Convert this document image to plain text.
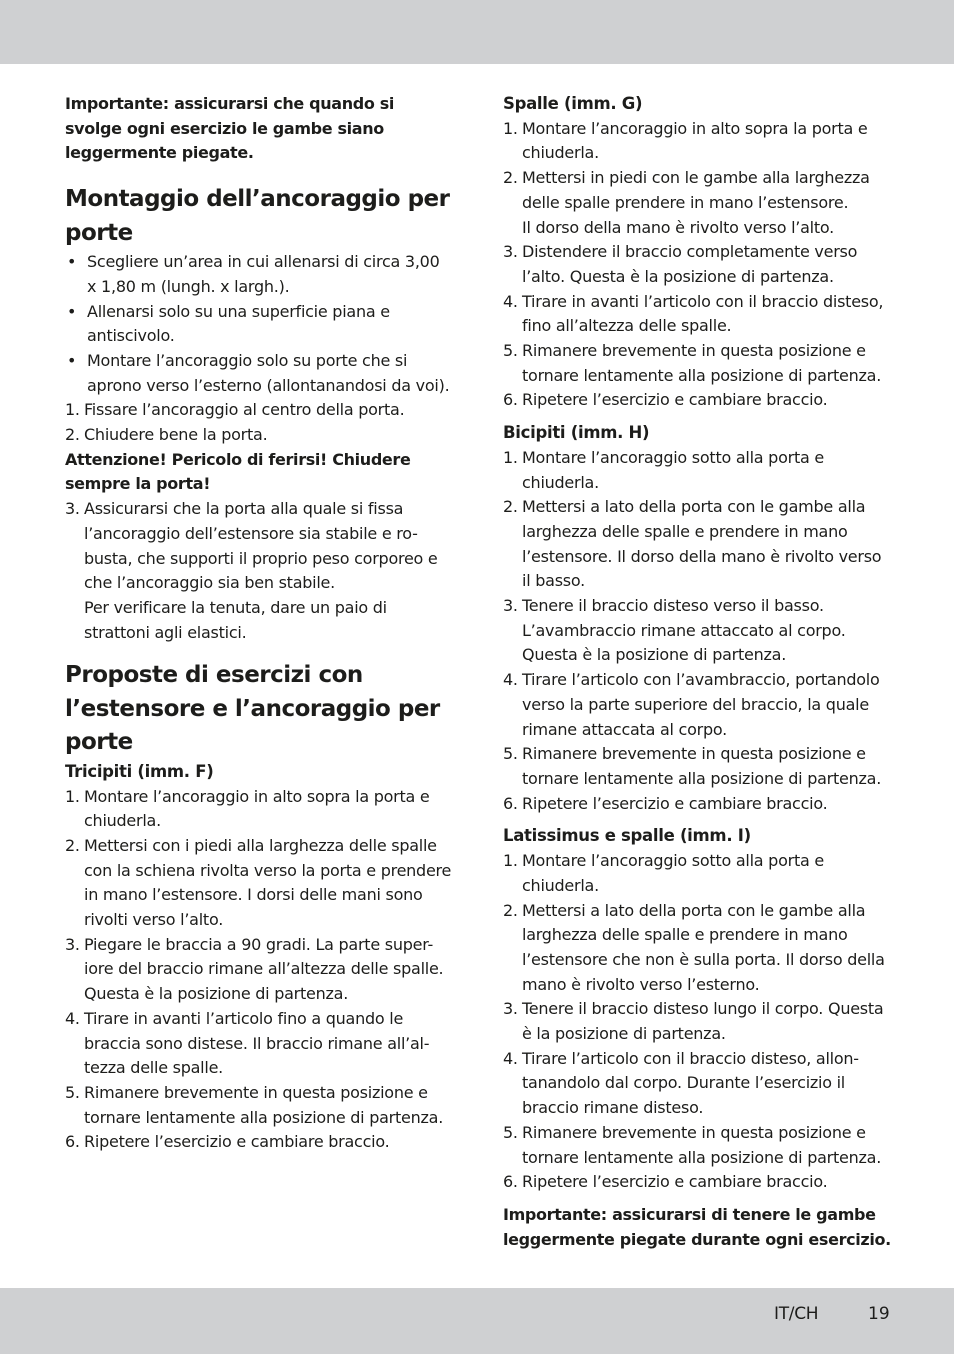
Importante: assicurarsi che quando si svolge ogni esercizio le gambe siano leggermente piegate.

Montaggio dell’ancoraggio per porte
• Scegliere un’area in cui allenarsi di circa 3,00 x 1,80 m (lungh. x largh.).
• Allenarsi solo su una superficie piana e antiscivolo.
• Montare l’ancoraggio solo su porte che si aprono verso l’esterno (allontanandosi da voi).
1. Fissare l’ancoraggio al centro della porta.
2. Chiudere bene la porta.

Attenzione! Pericolo di ferirsi! Chiudere sempre la porta!

3. Assicurarsi che la porta alla quale si fissa l’ancoraggio dell’estensore sia stabile e ro-busta, che supporti il proprio peso corporeo e che l’ancoraggio sia ben stabile.
Per verificare la tenuta, dare un paio di strattoni agli elastici.
Proposte di esercizi con l’estensore e l’ancoraggio per porte
Tricipiti (imm. F)
1. Montare l’ancoraggio in alto sopra la porta e chiuderla.
2. Mettersi con i piedi alla larghezza delle spalle con la schiena rivolta verso la porta e prendere in mano l’estensore. I dorsi delle mani sono rivolti verso l’alto.
3. Piegare le braccia a 90 gradi. La parte super-iore del braccio rimane all’altezza delle spalle. Questa è la posizione di partenza.
4. Tirare in avanti l’articolo fino a quando le braccia sono distese. Il braccio rimane all’al-tezza delle spalle.
5. Rimanere brevemente in questa posizione e tornare lentamente alla posizione di partenza.
6. Ripetere l’esercizio e cambiare braccio.
Spalle (imm. G)
1. Montare l’ancoraggio in alto sopra la porta e chiuderla.
2. Mettersi in piedi con le gambe alla larghezza delle spalle prendere in mano l’estensore.
Il dorso della mano è rivolto verso l’alto.
3. Distendere il braccio completamente verso l’alto. Questa è la posizione di partenza.
4. Tirare in avanti l’articolo con il braccio disteso, fino all’altezza delle spalle.
5. Rimanere brevemente in questa posizione e tornare lentamente alla posizione di partenza.
6. Ripetere l’esercizio e cambiare braccio.
Bicipiti (imm. H)
1. Montare l’ancoraggio sotto alla porta e chiuderla.
2. Mettersi a lato della porta con le gambe alla larghezza delle spalle e prendere in mano l’estensore. Il dorso della mano è rivolto verso il basso.
3. Tenere il braccio disteso verso il basso. L’avambraccio rimane attaccato al corpo. Questa è la posizione di partenza.
4. Tirare l’articolo con l’avambraccio, portandolo verso la parte superiore del braccio, la quale rimane attaccata al corpo.
5. Rimanere brevemente in questa posizione e tornare lentamente alla posizione di partenza.
6. Ripetere l’esercizio e cambiare braccio.
Latissimus e spalle (imm. I)
1. Montare l’ancoraggio sotto alla porta e chiuderla.
2. Mettersi a lato della porta con le gambe alla larghezza delle spalle e prendere in mano l’estensore che non è sulla porta. Il dorso della mano è rivolto verso l’esterno.
3. Tenere il braccio disteso lungo il corpo. Questa è la posizione di partenza.
4. Tirare l’articolo con il braccio disteso, allon-tanandolo dal corpo. Durante l’esercizio il braccio rimane disteso.
5. Rimanere brevemente in questa posizione e tornare lentamente alla posizione di partenza.
6. Ripetere l’esercizio e cambiare braccio.

Importante: assicurarsi di tenere le gambe leggermente piegate durante ogni esercizio.

IT/CH	19
